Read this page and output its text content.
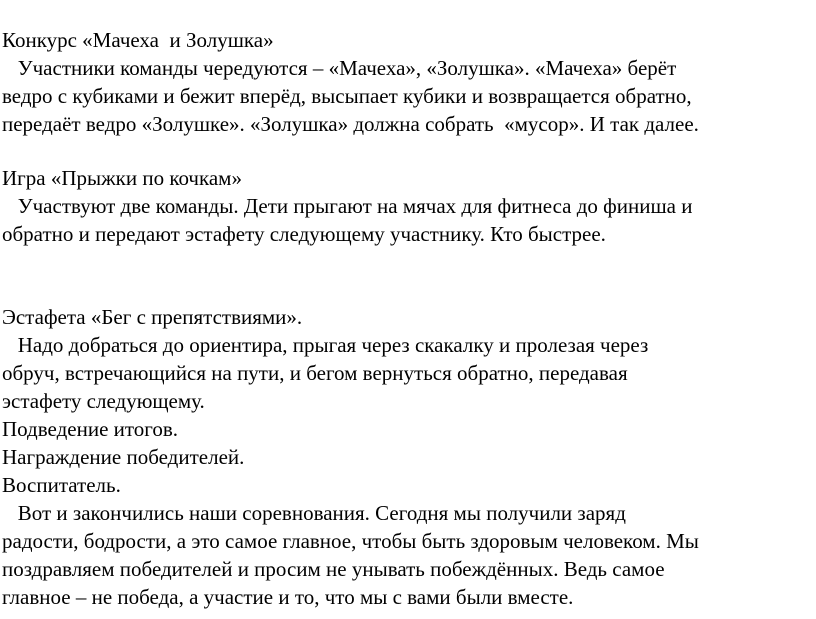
Конкурс «Мачеха  и Золушка»
Участники команды чередуются – «Мачеха», «Золушка». «Мачеха» берёт
ведро с кубиками и бежит вперёд, высыпает кубики и возвращается обратно,
передаёт ведро «Золушке». «Золушка» должна собрать  «мусор». И так далее.
Игра «Прыжки по кочкам»
Участвуют две команды. Дети прыгают на мячах для фитнеса до финиша и
обратно и передают эстафету следующему участнику. Кто быстрее.
Эстафета «Бег с препятствиями».
Надо добраться до ориентира, прыгая через скакалку и пролезая через
обруч, встречающийся на пути, и бегом вернуться обратно, передавая
эстафету следующему.
Подведение итогов.
Награждение победителей.
Воспитатель.
Вот и закончились наши соревнования. Сегодня мы получили заряд
радости, бодрости, а это самое главное, чтобы быть здоровым человеком. Мы
поздравляем победителей и просим не унывать побеждённых. Ведь самое
главное – не победа, а участие и то, что мы с вами были вместе.
